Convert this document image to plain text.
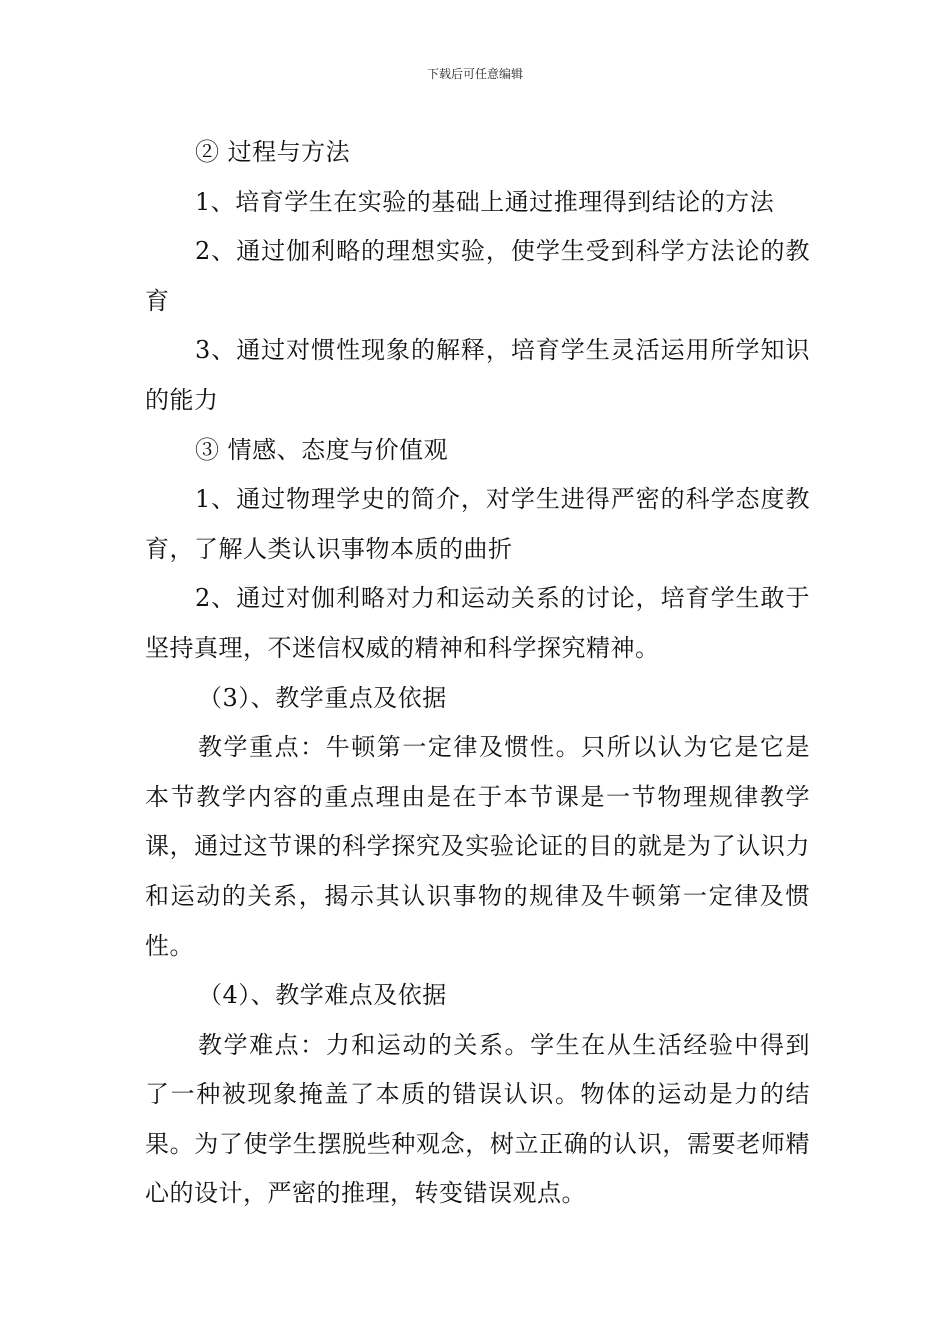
下载后可任意编辑

② 过程与方法

1、培育学生在实验的基础上通过推理得到结论的方法

2、通过伽利略的理想实验，使学生受到科学方法论的教育

3、通过对惯性现象的解释，培育学生灵活运用所学知识的能力

③ 情感、态度与价值观

1、通过物理学史的简介，对学生进得严密的科学态度教育，了解人类认识事物本质的曲折

2、通过对伽利略对力和运动关系的讨论，培育学生敢于坚持真理，不迷信权威的精神和科学探究精神。

（3）、教学重点及依据

教学重点：牛顿第一定律及惯性。只所以认为它是它是本节教学内容的重点理由是在于本节课是一节物理规律教学课，通过这节课的科学探究及实验论证的目的就是为了认识力和运动的关系，揭示其认识事物的规律及牛顿第一定律及惯性。

（4）、教学难点及依据

教学难点：力和运动的关系。学生在从生活经验中得到了一种被现象掩盖了本质的错误认识。物体的运动是力的结果。为了使学生摆脱些种观念，树立正确的认识，需要老师精心的设计，严密的推理，转变错误观点。
